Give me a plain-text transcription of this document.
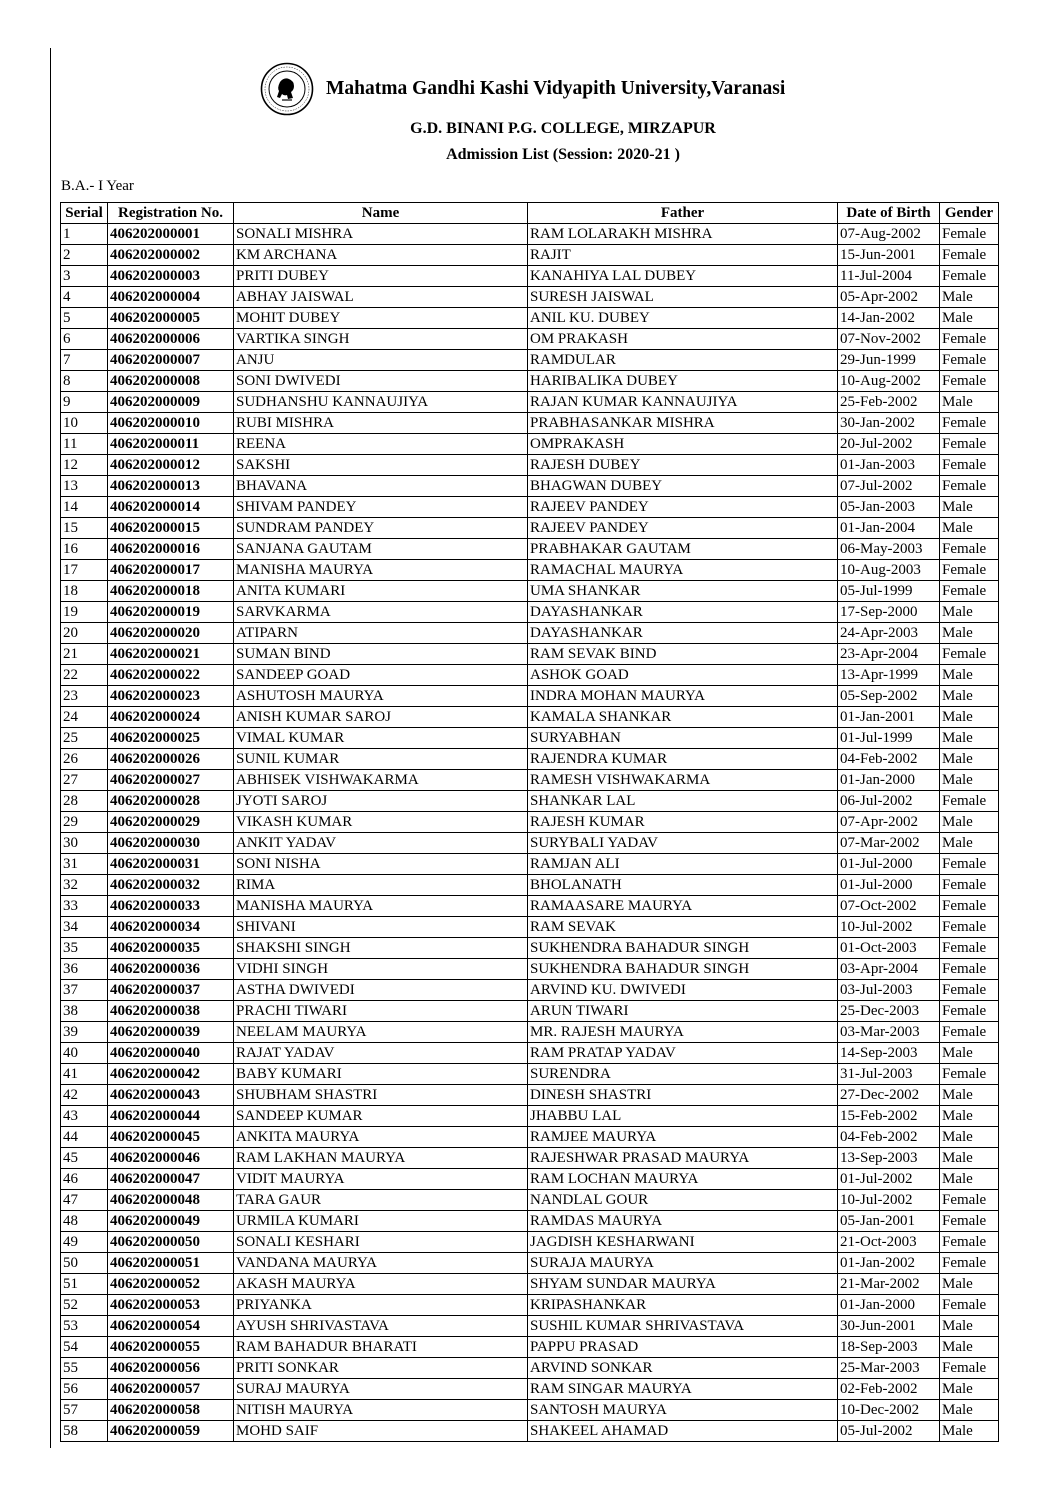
Mahatma Gandhi Kashi Vidyapith University,Varanasi
G.D. BINANI P.G. COLLEGE, MIRZAPUR
Admission List (Session: 2020-21 )
B.A.- I Year
Serial	Registration No.	Name	Father	Date of Birth	Gender
1	406202000001	SONALI MISHRA	RAM LOLARAKH MISHRA	07-Aug-2002	Female
2	406202000002	KM ARCHANA	RAJIT	15-Jun-2001	Female
3	406202000003	PRITI DUBEY	KANAHIYA LAL DUBEY	11-Jul-2004	Female
4	406202000004	ABHAY JAISWAL	SURESH JAISWAL	05-Apr-2002	Male
5	406202000005	MOHIT DUBEY	ANIL KU. DUBEY	14-Jan-2002	Male
6	406202000006	VARTIKA SINGH	OM PRAKASH	07-Nov-2002	Female
7	406202000007	ANJU	RAMDULAR	29-Jun-1999	Female
8	406202000008	SONI DWIVEDI	HARIBALIKA DUBEY	10-Aug-2002	Female
9	406202000009	SUDHANSHU KANNAUJIYA	RAJAN KUMAR KANNAUJIYA	25-Feb-2002	Male
10	406202000010	RUBI MISHRA	PRABHASANKAR MISHRA	30-Jan-2002	Female
11	406202000011	REENA	OMPRAKASH	20-Jul-2002	Female
12	406202000012	SAKSHI	RAJESH DUBEY	01-Jan-2003	Female
13	406202000013	BHAVANA	BHAGWAN DUBEY	07-Jul-2002	Female
14	406202000014	SHIVAM PANDEY	RAJEEV PANDEY	05-Jan-2003	Male
15	406202000015	SUNDRAM PANDEY	RAJEEV PANDEY	01-Jan-2004	Male
16	406202000016	SANJANA GAUTAM	PRABHAKAR GAUTAM	06-May-2003	Female
17	406202000017	MANISHA MAURYA	RAMACHAL MAURYA	10-Aug-2003	Female
18	406202000018	ANITA KUMARI	UMA SHANKAR	05-Jul-1999	Female
19	406202000019	SARVKARMA	DAYASHANKAR	17-Sep-2000	Male
20	406202000020	ATIPARN	DAYASHANKAR	24-Apr-2003	Male
21	406202000021	SUMAN BIND	RAM SEVAK BIND	23-Apr-2004	Female
22	406202000022	SANDEEP GOAD	ASHOK GOAD	13-Apr-1999	Male
23	406202000023	ASHUTOSH MAURYA	INDRA MOHAN MAURYA	05-Sep-2002	Male
24	406202000024	ANISH KUMAR SAROJ	KAMALA SHANKAR	01-Jan-2001	Male
25	406202000025	VIMAL KUMAR	SURYABHAN	01-Jul-1999	Male
26	406202000026	SUNIL KUMAR	RAJENDRA KUMAR	04-Feb-2002	Male
27	406202000027	ABHISEK VISHWAKARMA	RAMESH VISHWAKARMA	01-Jan-2000	Male
28	406202000028	JYOTI SAROJ	SHANKAR LAL	06-Jul-2002	Female
29	406202000029	VIKASH KUMAR	RAJESH KUMAR	07-Apr-2002	Male
30	406202000030	ANKIT YADAV	SURYBALI YADAV	07-Mar-2002	Male
31	406202000031	SONI NISHA	RAMJAN ALI	01-Jul-2000	Female
32	406202000032	RIMA	BHOLANATH	01-Jul-2000	Female
33	406202000033	MANISHA MAURYA	RAMAASARE MAURYA	07-Oct-2002	Female
34	406202000034	SHIVANI	RAM SEVAK	10-Jul-2002	Female
35	406202000035	SHAKSHI SINGH	SUKHENDRA BAHADUR SINGH	01-Oct-2003	Female
36	406202000036	VIDHI SINGH	SUKHENDRA BAHADUR SINGH	03-Apr-2004	Female
37	406202000037	ASTHA DWIVEDI	ARVIND KU. DWIVEDI	03-Jul-2003	Female
38	406202000038	PRACHI TIWARI	ARUN TIWARI	25-Dec-2003	Female
39	406202000039	NEELAM MAURYA	MR. RAJESH MAURYA	03-Mar-2003	Female
40	406202000040	RAJAT YADAV	RAM PRATAP YADAV	14-Sep-2003	Male
41	406202000042	BABY KUMARI	SURENDRA	31-Jul-2003	Female
42	406202000043	SHUBHAM SHASTRI	DINESH SHASTRI	27-Dec-2002	Male
43	406202000044	SANDEEP KUMAR	JHABBU LAL	15-Feb-2002	Male
44	406202000045	ANKITA MAURYA	RAMJEE MAURYA	04-Feb-2002	Male
45	406202000046	RAM LAKHAN MAURYA	RAJESHWAR PRASAD MAURYA	13-Sep-2003	Male
46	406202000047	VIDIT MAURYA	RAM LOCHAN MAURYA	01-Jul-2002	Male
47	406202000048	TARA GAUR	NANDLAL GOUR	10-Jul-2002	Female
48	406202000049	URMILA KUMARI	RAMDAS MAURYA	05-Jan-2001	Female
49	406202000050	SONALI KESHARI	JAGDISH KESHARWANI	21-Oct-2003	Female
50	406202000051	VANDANA MAURYA	SURAJA MAURYA	01-Jan-2002	Female
51	406202000052	AKASH MAURYA	SHYAM SUNDAR MAURYA	21-Mar-2002	Male
52	406202000053	PRIYANKA	KRIPASHANKAR	01-Jan-2000	Female
53	406202000054	AYUSH SHRIVASTAVA	SUSHIL KUMAR SHRIVASTAVA	30-Jun-2001	Male
54	406202000055	RAM BAHADUR BHARATI	PAPPU PRASAD	18-Sep-2003	Male
55	406202000056	PRITI SONKAR	ARVIND SONKAR	25-Mar-2003	Female
56	406202000057	SURAJ MAURYA	RAM SINGAR MAURYA	02-Feb-2002	Male
57	406202000058	NITISH MAURYA	SANTOSH MAURYA	10-Dec-2002	Male
58	406202000059	MOHD SAIF	SHAKEEL AHAMAD	05-Jul-2002	Male
